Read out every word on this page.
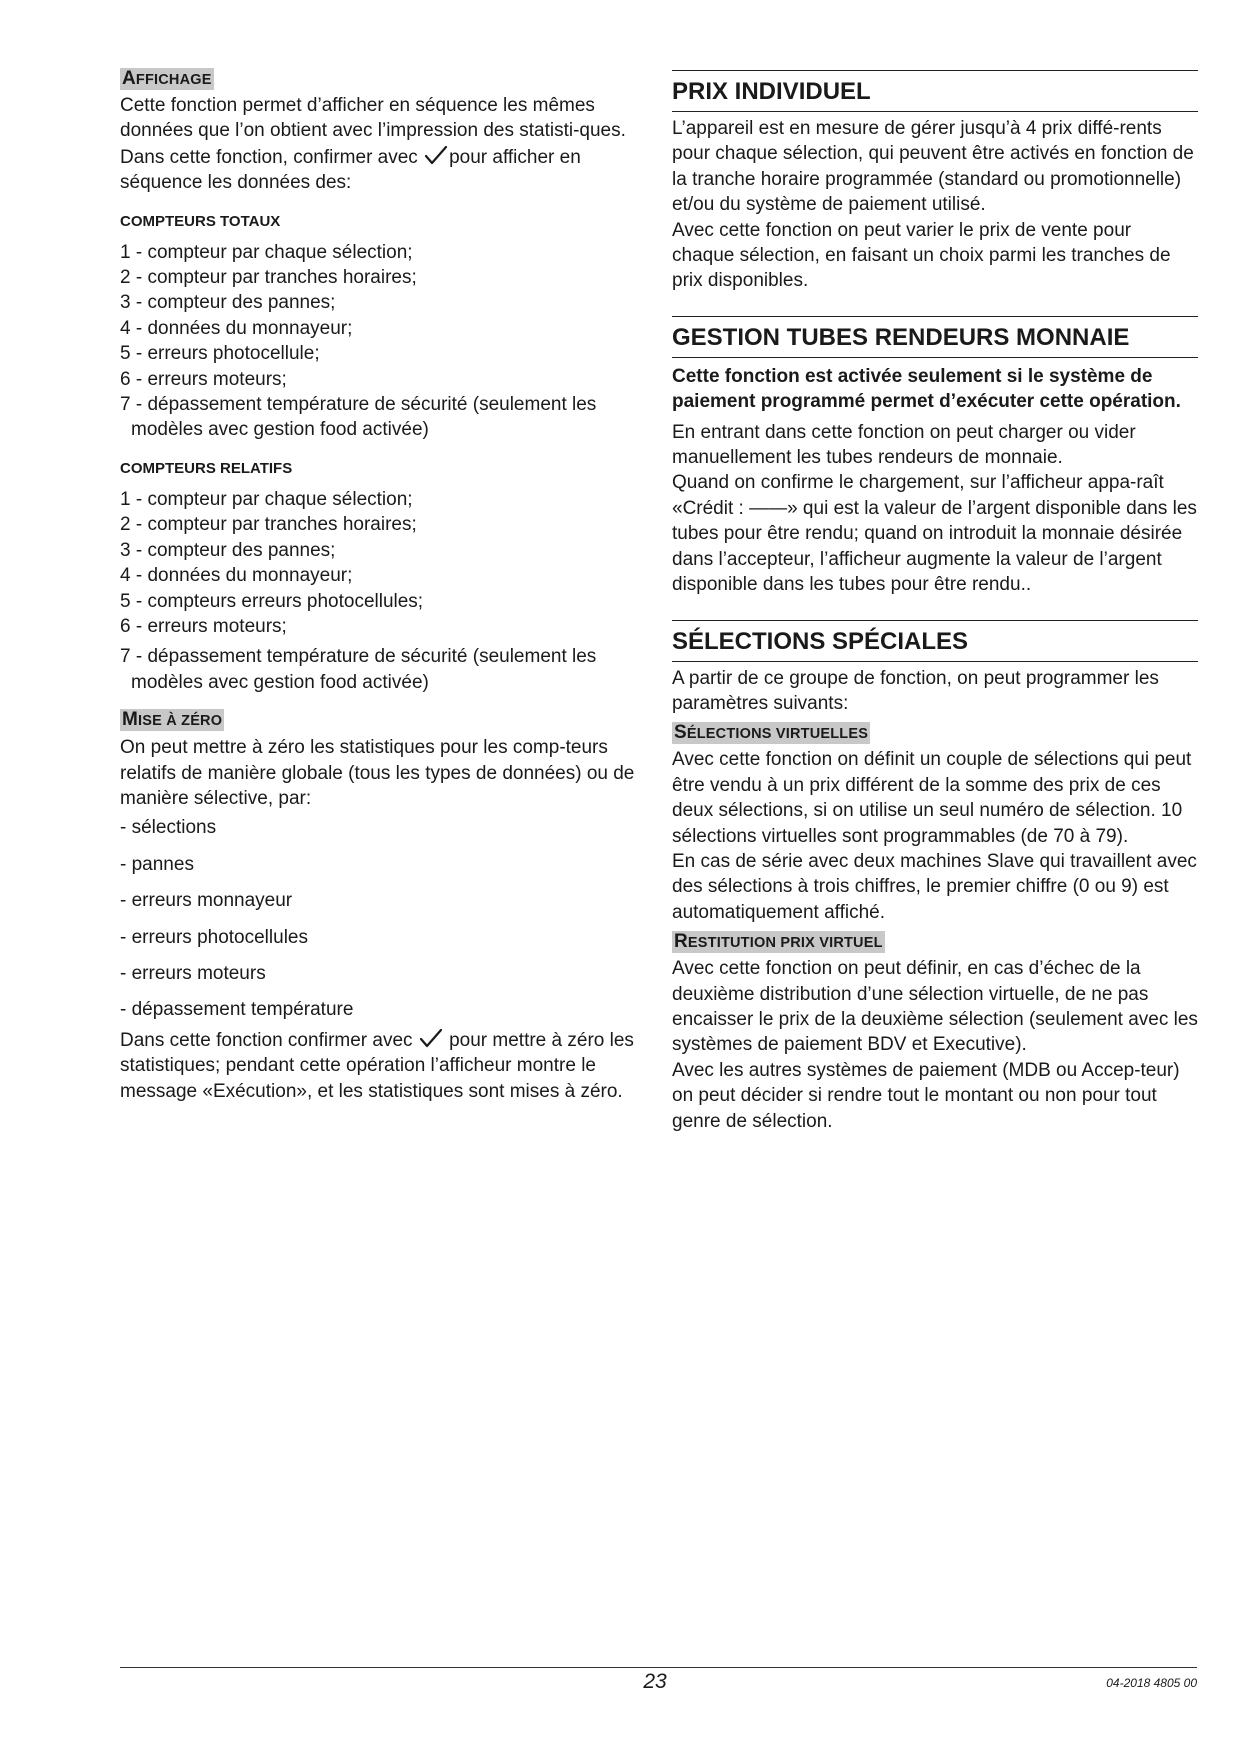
AFFICHAGE

Cette fonction permet d’afficher en séquence les mêmes données que l’on obtient avec l’impression des statisti-ques.

Dans cette fonction, confirmer avec pour afficher en séquence les données des:

COMPTEURS TOTAUX
1 - compteur par chaque sélection;
2 - compteur par tranches horaires;
3 - compteur des pannes;
4 - données du monnayeur;
5 - erreurs photocellule;
6 - erreurs moteurs;
7 - dépassement température de sécurité (seulement les modèles avec gestion food activée)
COMPTEURS RELATIFS
1 - compteur par chaque sélection;
2 - compteur par tranches horaires;
3 - compteur des pannes;
4 - données du monnayeur;
5 - compteurs erreurs photocellules;
6 - erreurs moteurs;
7 - dépassement température de sécurité (seulement les modèles avec gestion food activée)
MISE À ZÉRO

On peut mettre à zéro les statistiques pour les comp-teurs relatifs de manière globale (tous les types de données) ou de manière sélective, par:

- sélections
- pannes
- erreurs monnayeur
- erreurs photocellules
- erreurs moteurs
- dépassement température

Dans cette fonction confirmer avec pour mettre à zéro les statistiques; pendant cette opération l’afficheur montre le message «Exécution», et les statistiques sont mises à zéro.

PRIX INDIVIDUEL

L’appareil est en mesure de gérer jusqu’à 4 prix diffé-rents pour chaque sélection, qui peuvent être activés en fonction de la tranche horaire programmée (standard ou promotionnelle) et/ou du système de paiement utilisé.

Avec cette fonction on peut varier le prix de vente pour chaque sélection, en faisant un choix parmi les tranches de prix disponibles.

GESTION TUBES RENDEURS MONNAIE

Cette fonction est activée seulement si le système de paiement programmé permet d’exécuter cette opération.

En entrant dans cette fonction on peut charger ou vider manuellement les tubes rendeurs de monnaie.

Quand on confirme le chargement, sur l’afficheur appa-raît

«Crédit : ——» qui est la valeur de l’argent disponible dans les tubes pour être rendu; quand on introduit la monnaie désirée dans l’accepteur, l’afficheur augmente la valeur de l’argent disponible dans les tubes pour être rendu..

SÉLECTIONS SPÉCIALES

A partir de ce groupe de fonction, on peut programmer les paramètres suivants:

SÉLECTIONS VIRTUELLES

Avec cette fonction on définit un couple de sélections qui peut être vendu à un prix différent de la somme des prix de ces deux sélections, si on utilise un seul numéro de sélection. 10 sélections virtuelles sont programmables (de 70 à 79).

En cas de série avec deux machines Slave qui travaillent avec des sélections à trois chiffres, le premier chiffre (0 ou 9) est automatiquement affiché.

RESTITUTION PRIX VIRTUEL

Avec cette fonction on peut définir, en cas d’échec de la deuxième distribution d’une sélection virtuelle, de ne pas encaisser le prix de la deuxième sélection (seulement avec les systèmes de paiement BDV et Executive).

Avec les autres systèmes de paiement (MDB ou Accep-teur) on peut décider si rendre tout le montant ou non pour tout genre de sélection.

23	04-2018 4805 00
